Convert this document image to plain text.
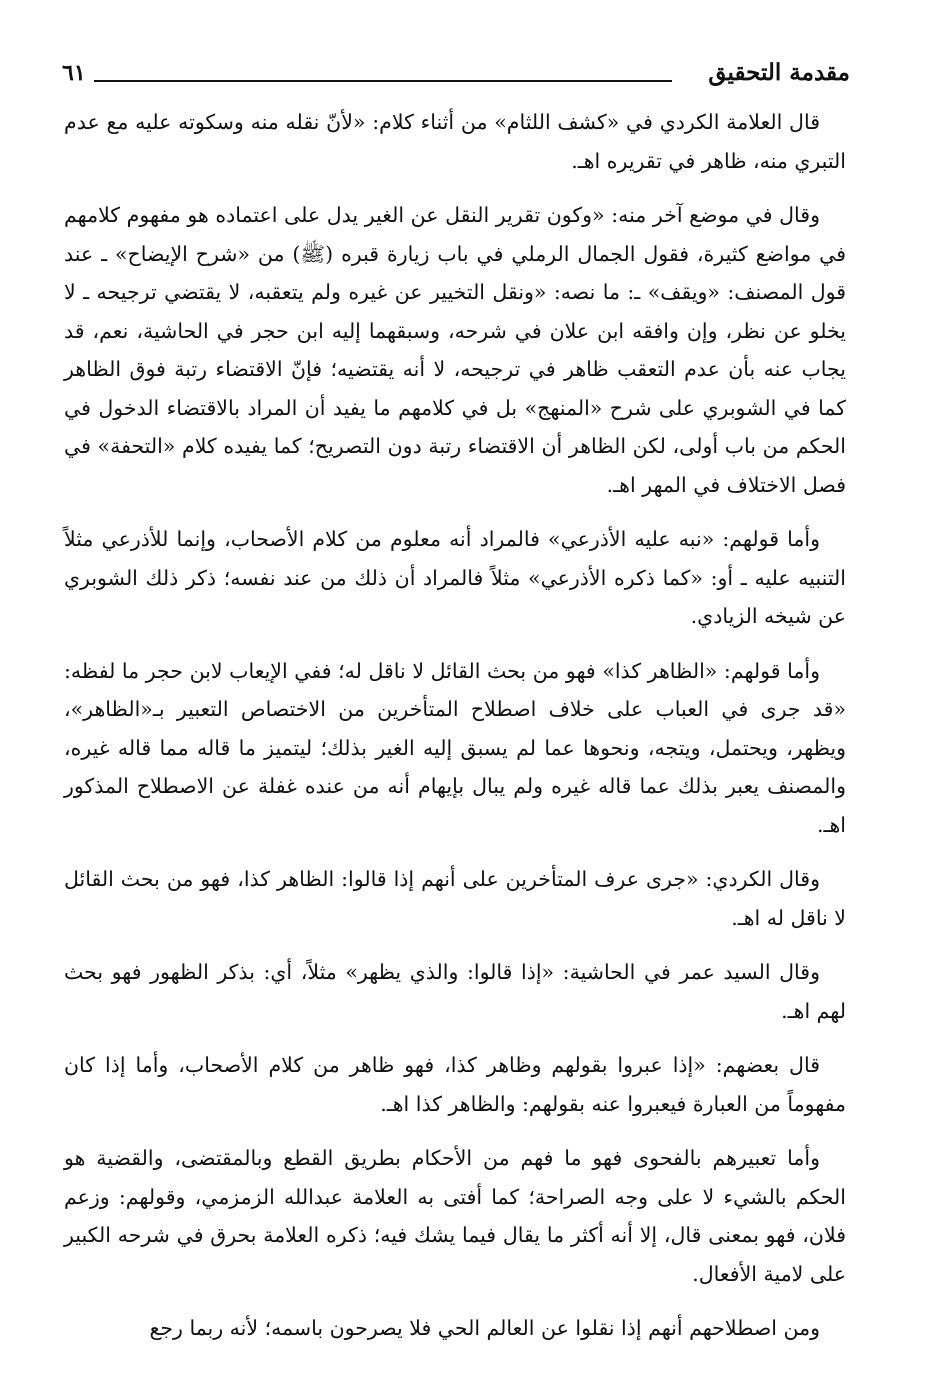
مقدمة التحقيق
٦١

قال العلامة الكردي في «كشف اللثام» من أثناء كلام: «لأنّ نقله منه وسكوته عليه مع عدم التبري منه، ظاهر في تقريره اهـ.

وقال في موضع آخر منه: «وكون تقرير النقل عن الغير يدل على اعتماده هو مفهوم كلامهم في مواضع كثيرة، فقول الجمال الرملي في باب زيارة قبره (ﷺ) من «شرح الإيضاح» ـ عند قول المصنف: «ويقف» ـ: ما نصه: «ونقل التخيير عن غيره ولم يتعقبه، لا يقتضي ترجيحه ـ لا يخلو عن نظر، وإن وافقه ابن علان في شرحه، وسبقهما إليه ابن حجر في الحاشية، نعم، قد يجاب عنه بأن عدم التعقب ظاهر في ترجيحه، لا أنه يقتضيه؛ فإنّ الاقتضاء رتبة فوق الظاهر كما في الشوبري على شرح «المنهج» بل في كلامهم ما يفيد أن المراد بالاقتضاء الدخول في الحكم من باب أولى، لكن الظاهر أن الاقتضاء رتبة دون التصريح؛ كما يفيده كلام «التحفة» في فصل الاختلاف في المهر اهـ.

وأما قولهم: «نبه عليه الأذرعي» فالمراد أنه معلوم من كلام الأصحاب، وإنما للأذرعي مثلاً التنبيه عليه ـ أو: «كما ذكره الأذرعي» مثلاً فالمراد أن ذلك من عند نفسه؛ ذكر ذلك الشوبري عن شيخه الزيادي.

وأما قولهم: «الظاهر كذا» فهو من بحث القائل لا ناقل له؛ ففي الإيعاب لابن حجر ما لفظه: «قد جرى في العباب على خلاف اصطلاح المتأخرين من الاختصاص التعبير بـ«الظاهر»، ويظهر، ويحتمل، ويتجه، ونحوها عما لم يسبق إليه الغير بذلك؛ ليتميز ما قاله مما قاله غيره، والمصنف يعبر بذلك عما قاله غيره ولم يبال بإيهام أنه من عنده غفلة عن الاصطلاح المذكور اهـ.

وقال الكردي: «جرى عرف المتأخرين على أنهم إذا قالوا: الظاهر كذا، فهو من بحث القائل لا ناقل له اهـ.

وقال السيد عمر في الحاشية: «إذا قالوا: والذي يظهر» مثلاً، أي: بذكر الظهور فهو بحث لهم اهـ.

قال بعضهم: «إذا عبروا بقولهم وظاهر كذا، فهو ظاهر من كلام الأصحاب، وأما إذا كان مفهوماً من العبارة فيعبروا عنه بقولهم: والظاهر كذا اهـ.

وأما تعبيرهم بالفحوى فهو ما فهم من الأحكام بطريق القطع وبالمقتضى، والقضية هو الحكم بالشيء لا على وجه الصراحة؛ كما أفتى به العلامة عبدالله الزمزمي، وقولهم: وزعم فلان، فهو بمعنى قال، إلا أنه أكثر ما يقال فيما يشك فيه؛ ذكره العلامة بحرق في شرحه الكبير على لامية الأفعال.

ومن اصطلاحهم أنهم إذا نقلوا عن العالم الحي فلا يصرحون باسمه؛ لأنه ربما رجع
